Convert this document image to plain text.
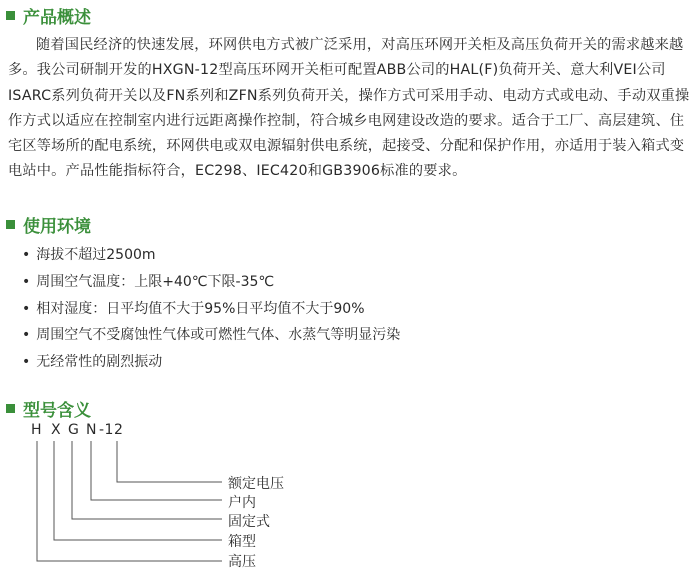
产品概述
随着国民经济的快速发展，环网供电方式被广泛采用，对高压环网开关柜及高压负荷开关的需求越来越
多。我公司研制开发的HXGN-12型高压环网开关柜可配置ABB公司的HAL(F)负荷开关、意大利VEI公司
ISARC系列负荷开关以及FN系列和ZFN系列负荷开关，操作方式可采用手动、电动方式或电动、手动双重操
作方式以适应在控制室内进行远距离操作控制，符合城乡电网建设改造的要求。适合于工厂、高层建筑、住
宅区等场所的配电系统，环网供电或双电源辐射供电系统，起接受、分配和保护作用，亦适用于装入箱式变
电站中。产品性能指标符合，EC298、IEC420和GB3906标准的要求。
使用环境
• 海拔不超过2500m
• 周围空气温度：上限+40℃下限-35℃
• 相对湿度：日平均值不大于95%日平均值不大于90%
• 周围空气不受腐蚀性气体或可燃性气体、水蒸气等明显污染
• 无经常性的剧烈振动
型号含义
H X G N -12
额定电压
户内
固定式
箱型
高压
